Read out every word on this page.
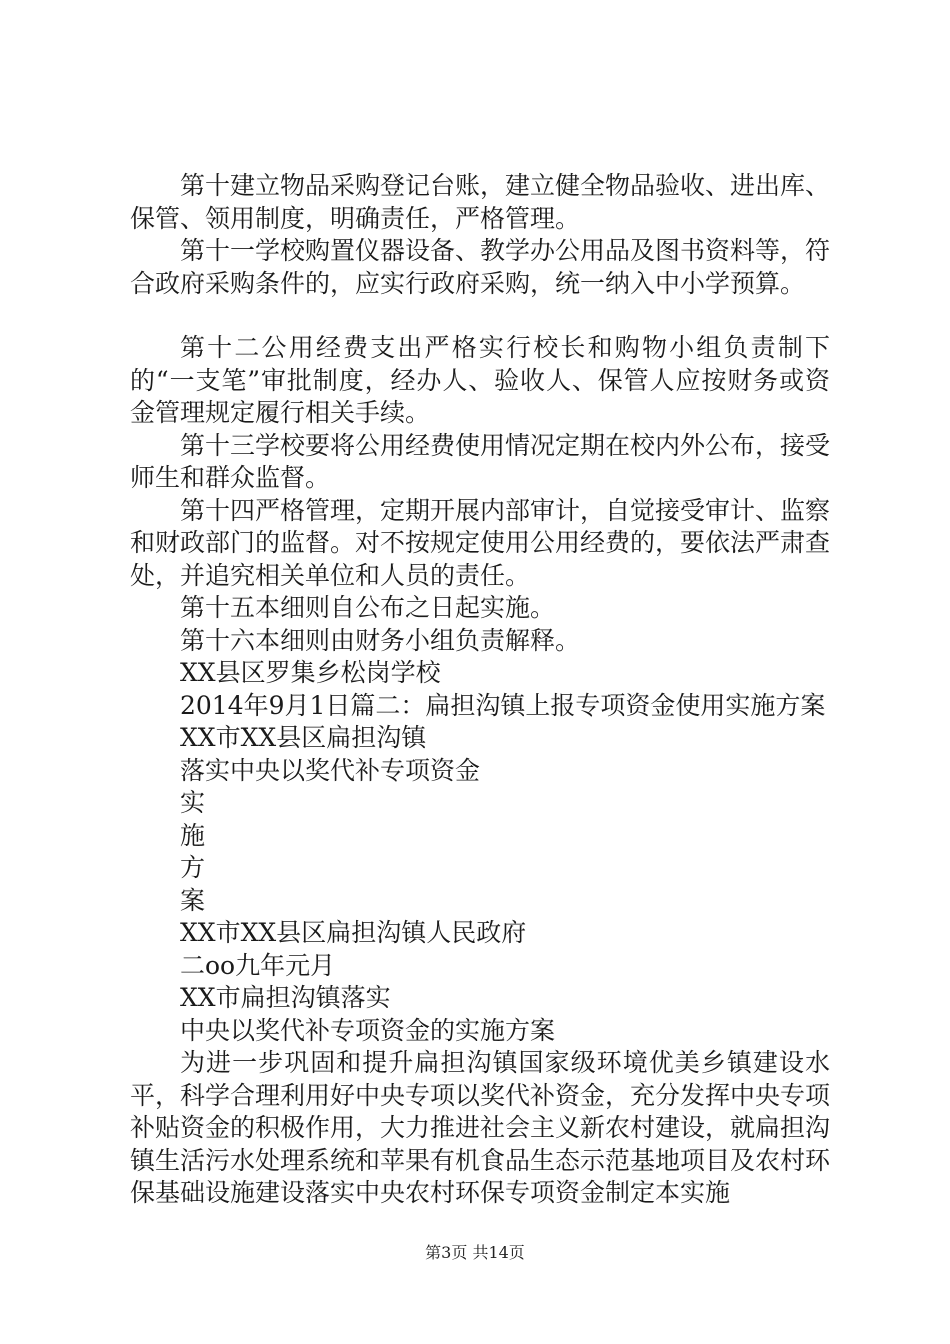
第十建立物品采购登记台账，建立健全物品验收、进出库、保管、领用制度，明确责任，严格管理。

第十一学校购置仪器设备、教学办公用品及图书资料等，符合政府采购条件的，应实行政府采购，统一纳入中小学预算。

第十二公用经费支出严格实行校长和购物小组负责制下的“一支笔”审批制度，经办人、验收人、保管人应按财务或资金管理规定履行相关手续。

第十三学校要将公用经费使用情况定期在校内外公布，接受师生和群众监督。

第十四严格管理，定期开展内部审计，自觉接受审计、监察和财政部门的监督。对不按规定使用公用经费的，要依法严肃查处，并追究相关单位和人员的责任。

第十五本细则自公布之日起实施。

第十六本细则由财务小组负责解释。

XX县区罗集乡松岗学校

2014年9月1日篇二：扁担沟镇上报专项资金使用实施方案

XX市XX县区扁担沟镇

落实中央以奖代补专项资金

实

施

方

案

XX市XX县区扁担沟镇人民政府

二oo九年元月

XX市扁担沟镇落实

中央以奖代补专项资金的实施方案

为进一步巩固和提升扁担沟镇国家级环境优美乡镇建设水平，科学合理利用好中央专项以奖代补资金，充分发挥中央专项补贴资金的积极作用，大力推进社会主义新农村建设，就扁担沟镇生活污水处理系统和苹果有机食品生态示范基地项目及农村环保基础设施建设落实中央农村环保专项资金制定本实施

第3页 共14页
